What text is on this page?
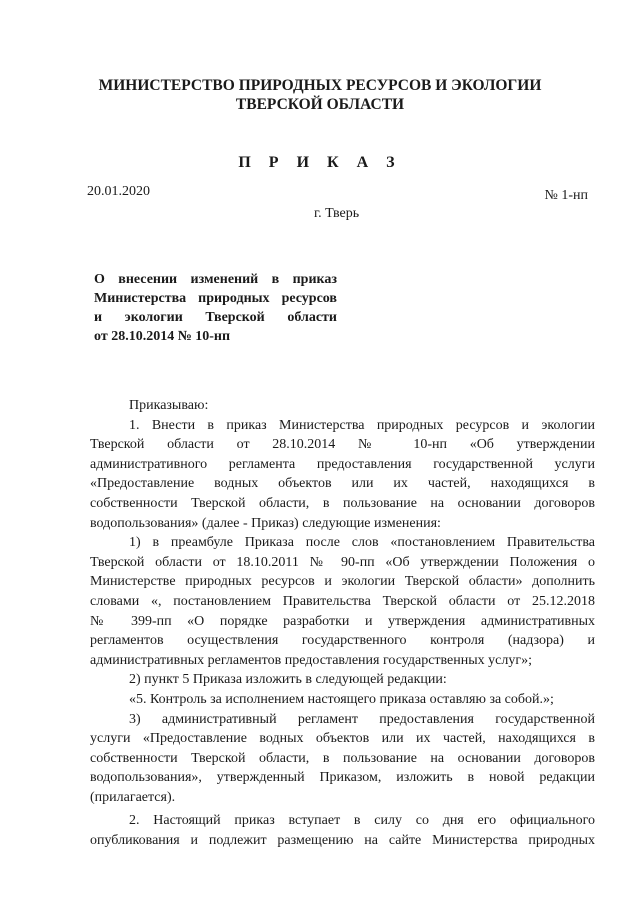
МИНИСТЕРСТВО ПРИРОДНЫХ РЕСУРСОВ И ЭКОЛОГИИ
ТВЕРСКОЙ ОБЛАСТИ
П Р И К А З
20.01.2020	№ 1-нп
г. Тверь
О внесении изменений в приказ
Министерства природных ресурсов
и экологии Тверской области
от 28.10.2014 № 10-нп
Приказываю:
1. Внести в приказ Министерства природных ресурсов и экологии
Тверской области от 28.10.2014 № 10-нп «Об утверждении
административного регламента предоставления государственной услуги
«Предоставление водных объектов или их частей, находящихся в
собственности Тверской области, в пользование на основании договоров
водопользования» (далее - Приказ) следующие изменения:
1) в преамбуле Приказа после слов «постановлением Правительства
Тверской области от 18.10.2011 № 90-пп «Об утверждении Положения о
Министерстве природных ресурсов и экологии Тверской области» дополнить
словами «, постановлением Правительства Тверской области от 25.12.2018
№ 399-пп «О порядке разработки и утверждения административных
регламентов осуществления государственного контроля (надзора) и
административных регламентов предоставления государственных услуг»;
2) пункт 5 Приказа изложить в следующей редакции:
«5. Контроль за исполнением настоящего приказа оставляю за собой.»;
3) административный регламент предоставления государственной
услуги «Предоставление водных объектов или их частей, находящихся в
собственности Тверской области, в пользование на основании договоров
водопользования», утвержденный Приказом, изложить в новой редакции
(прилагается).
2. Настоящий приказ вступает в силу со дня его официального
опубликования и подлежит размещению на сайте Министерства природных
